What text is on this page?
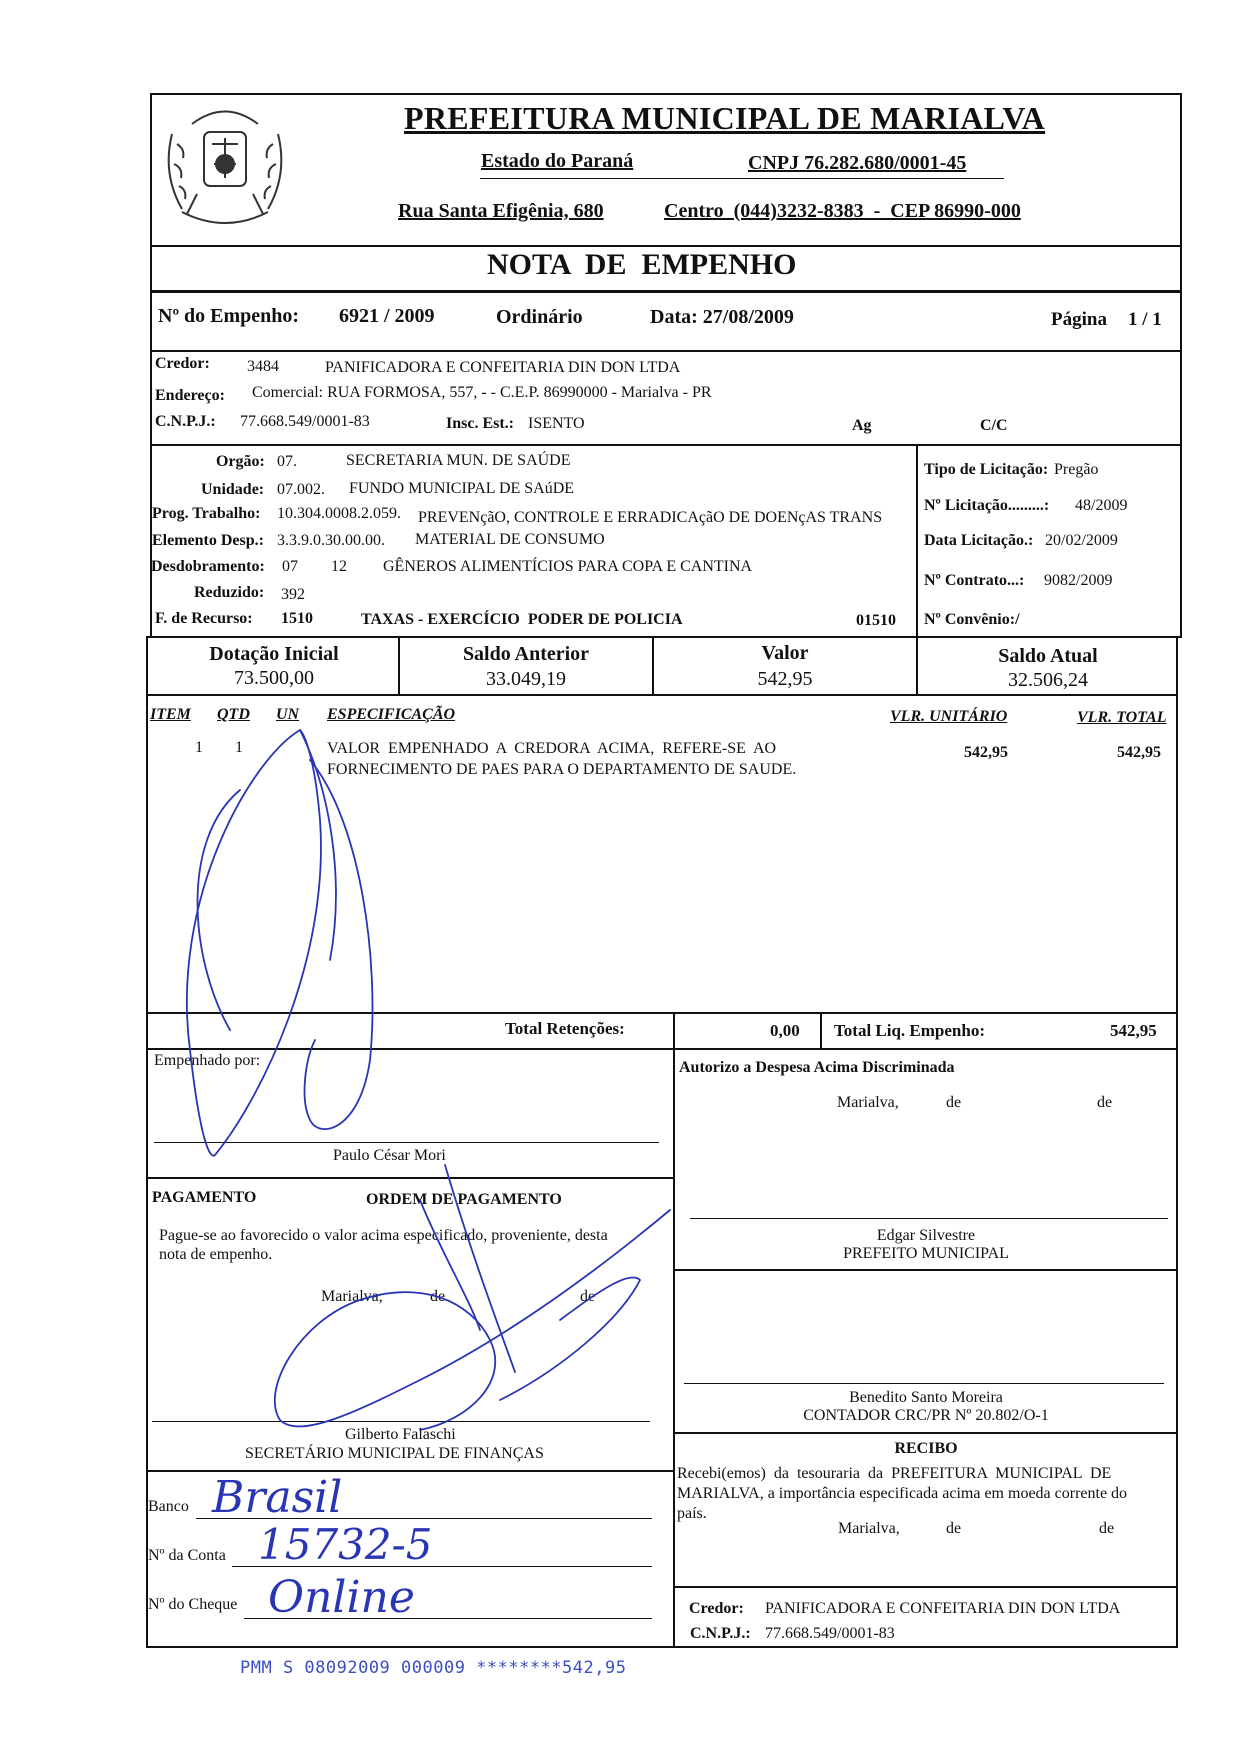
PREFEITURA MUNICIPAL DE MARIALVA
Estado do Paraná	CNPJ 76.282.680/0001-45
Rua Santa Efigênia, 680	Centro  (044)3232-8383  -  CEP 86990-000
NOTA  DE  EMPENHO
Nº do Empenho: 6921 / 2009	Ordinário	Data: 27/08/2009	Página 1 / 1
Credor: 3484	PANIFICADORA E CONFEITARIA DIN DON LTDA
Endereço: Comercial: RUA FORMOSA, 557, - - C.E.P. 86990000 - Marialva - PR
C.N.P.J.: 77.668.549/0001-83	Insc. Est.: ISENTO	Ag	C/C
Orgão: 07.	SECRETARIA MUN. DE SAÚDE
Unidade: 07.002. FUNDO MUNICIPAL DE SAúDE
Prog. Trabalho: 10.304.0008.2.059. PREVENçãO, CONTROLE E ERRADICAçãO DE DOENçAS TRANS
Elemento Desp.: 3.3.9.0.30.00.00. MATERIAL DE CONSUMO
Desdobramento: 07 12 GÊNEROS ALIMENTÍCIOS PARA COPA E CANTINA
Reduzido: 392
F. de Recurso: 1510	TAXAS - EXERCÍCIO  PODER DE POLICIA	01510
Tipo de Licitação: Pregão
Nº Licitação.........: 48/2009
Data Licitação.: 20/02/2009
Nº Contrato...: 9082/2009
Nº Convênio:/
Dotação Inicial
73.500,00
Saldo Anterior
33.049,19
Valor
542,95
Saldo Atual
32.506,24
ITEM QTD UN ESPECIFICAÇÃO	VLR. UNITÁRIO	VLR. TOTAL
1 1	VALOR  EMPENHADO  A  CREDORA  ACIMA,  REFERE-SE  AO
FORNECIMENTO DE PAES PARA O DEPARTAMENTO DE SAUDE.
542,95	542,95
Total Retenções:	0,00 Total Liq. Empenho:	542,95
Empenhado por:
Paulo César Mori
PAGAMENTO	ORDEM DE PAGAMENTO
Pague-se ao favorecido o valor acima especificado, proveniente, desta
nota de empenho.
Marialva,	de	de
Gilberto Falaschi
SECRETÁRIO MUNICIPAL DE FINANÇAS
Banco Brasil
Nº da Conta 15732-5
Nº do Cheque Online
Autorizo a Despesa Acima Discriminada
Marialva,	de	de
Edgar Silvestre
PREFEITO MUNICIPAL
Benedito Santo Moreira
CONTADOR CRC/PR Nº 20.802/O-1
RECIBO
Recebi(emos)  da  tesouraria  da  PREFEITURA  MUNICIPAL  DE
MARIALVA, a importância especificada acima em moeda corrente do
país.
Marialva,	de	de
Credor: PANIFICADORA E CONFEITARIA DIN DON LTDA
C.N.P.J.: 77.668.549/0001-83
PMM S 08092009 000009 ********542,95
